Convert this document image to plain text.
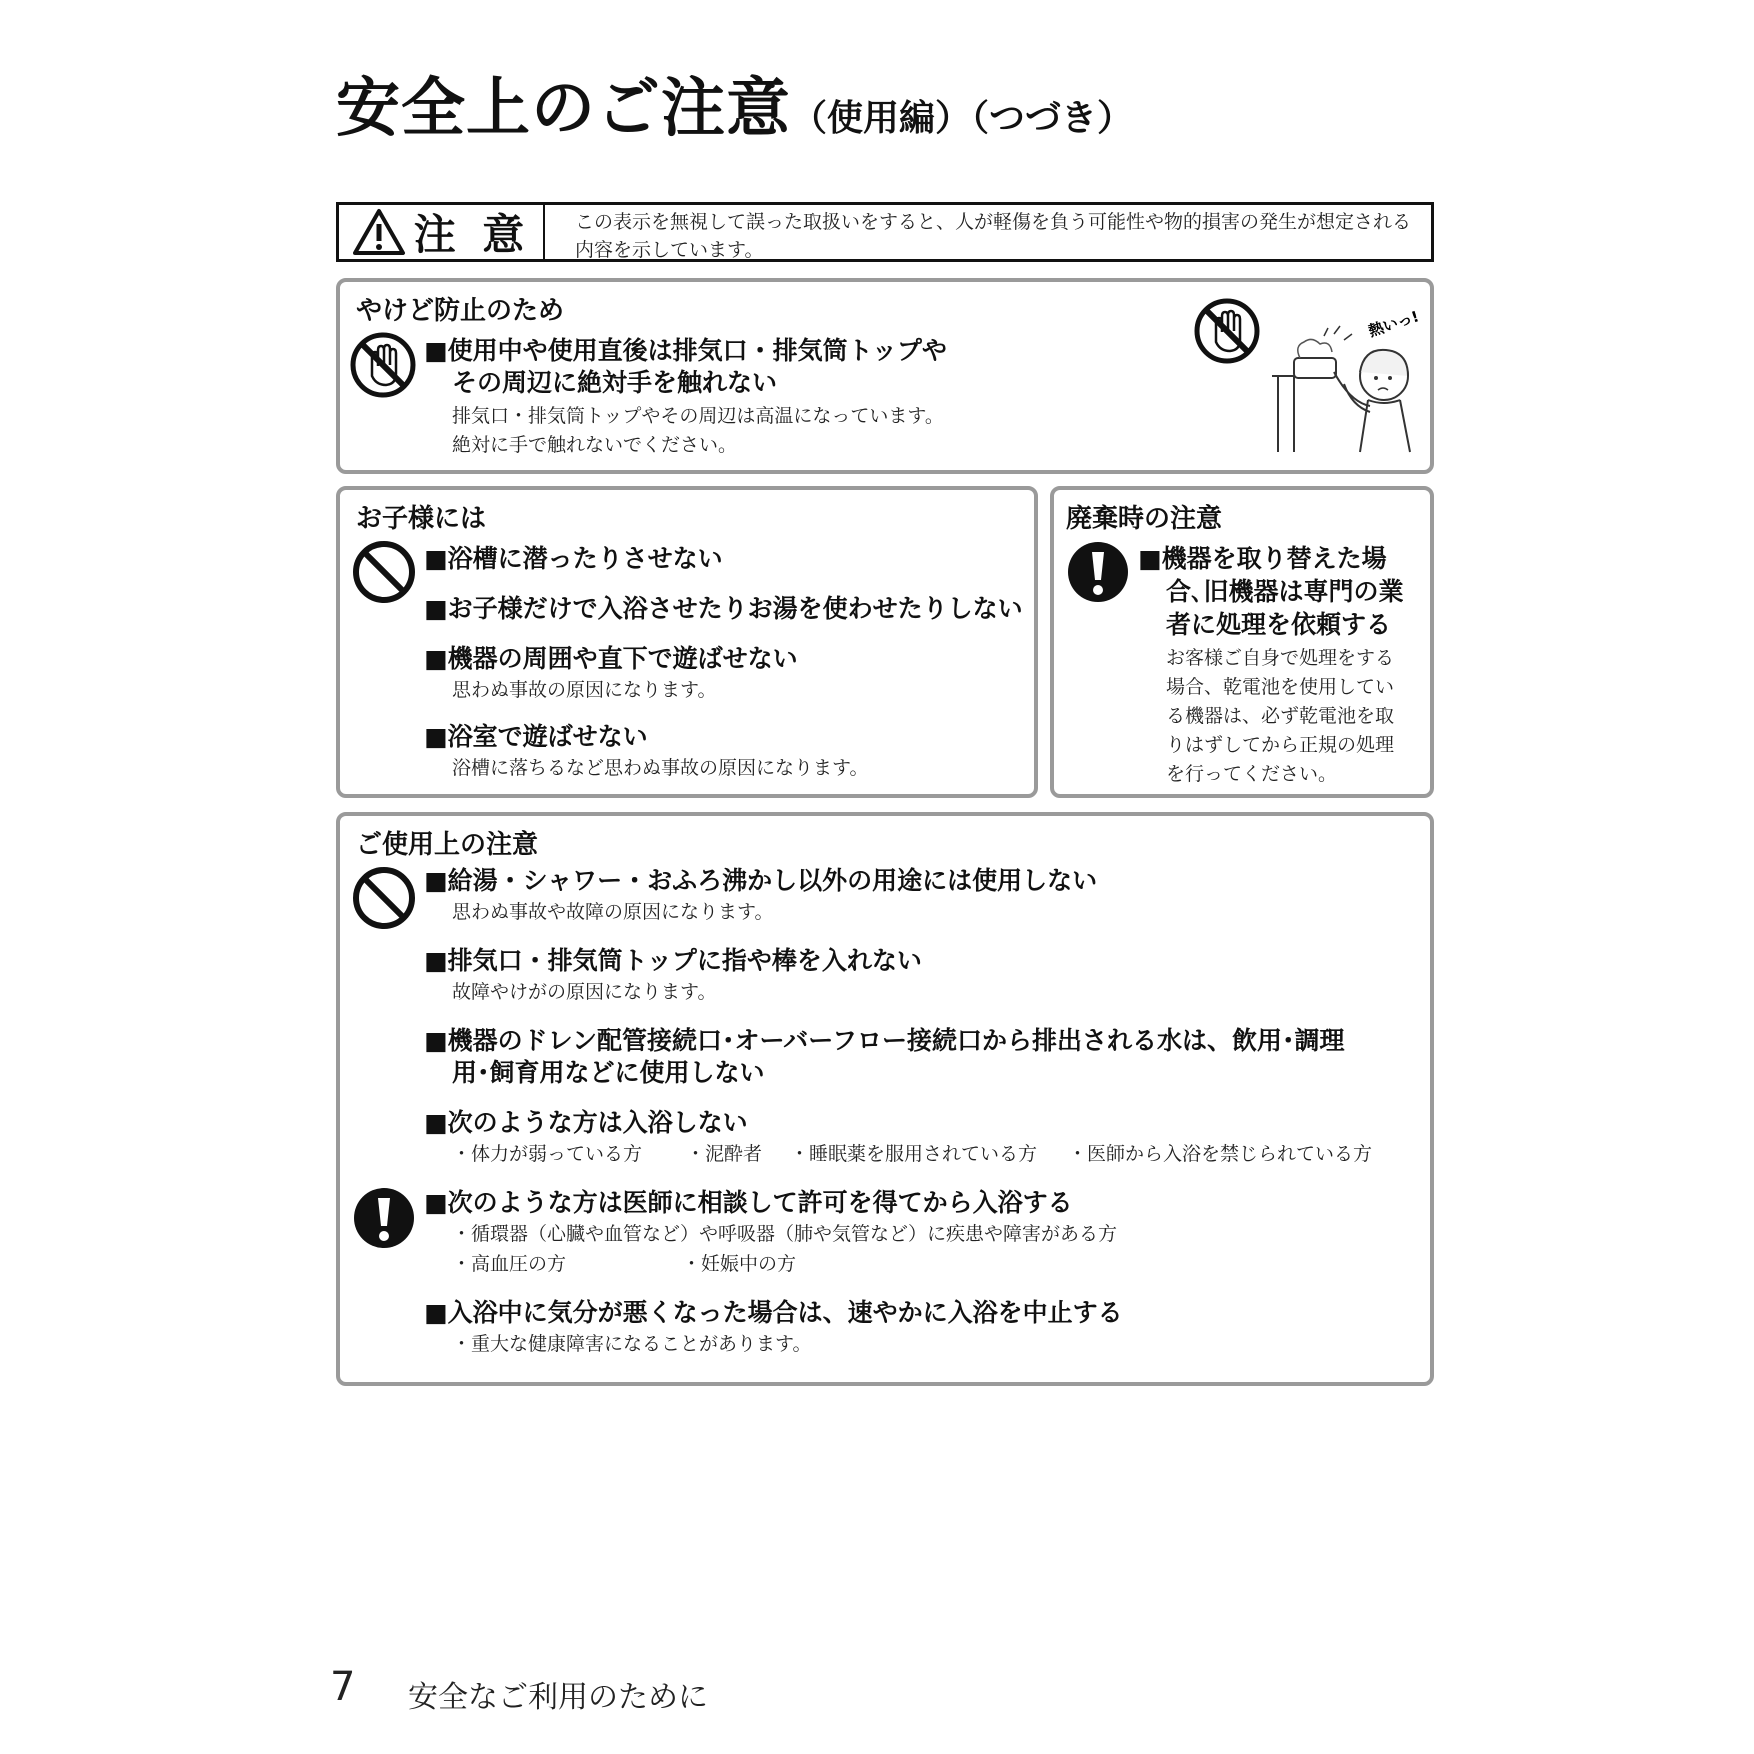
安全上のご注意（使用編）（つづき）
注 意 この表示を無視して誤った取扱いをすると、人が軽傷を負う可能性や物的損害の発生が想定される内容を示しています。
やけど防止のため
■使用中や使用直後は排気口・排気筒トップや
その周辺に絶対手を触れない
排気口・排気筒トップやその周辺は高温になっています。
絶対に手で触れないでください。
熱いっ!
お子様には
■浴槽に潜ったりさせない
■お子様だけで入浴させたりお湯を使わせたりしない
■機器の周囲や直下で遊ばせない
思わぬ事故の原因になります。
■浴室で遊ばせない
浴槽に落ちるなど思わぬ事故の原因になります。
廃棄時の注意
■機器を取り替えた場
合､旧機器は専門の業
者に処理を依頼する
お客様ご自身で処理をする
場合、乾電池を使用してい
る機器は、必ず乾電池を取
りはずしてから正規の処理
を行ってください。
ご使用上の注意
■給湯・シャワー・おふろ沸かし以外の用途には使用しない
思わぬ事故や故障の原因になります。
■排気口・排気筒トップに指や棒を入れない
故障やけがの原因になります。
■機器のドレン配管接続口･オーバーフロー接続口から排出される水は、飲用･調理
用･飼育用などに使用しない
■次のような方は入浴しない
・体力が弱っている方 ・泥酔者 ・睡眠薬を服用されている方 ・医師から入浴を禁じられている方
■次のような方は医師に相談して許可を得てから入浴する
・循環器（心臓や血管など）や呼吸器（肺や気管など）に疾患や障害がある方
・高血圧の方	・妊娠中の方
■入浴中に気分が悪くなった場合は、速やかに入浴を中止する
・重大な健康障害になることがあります。
7 安全なご利用のために
